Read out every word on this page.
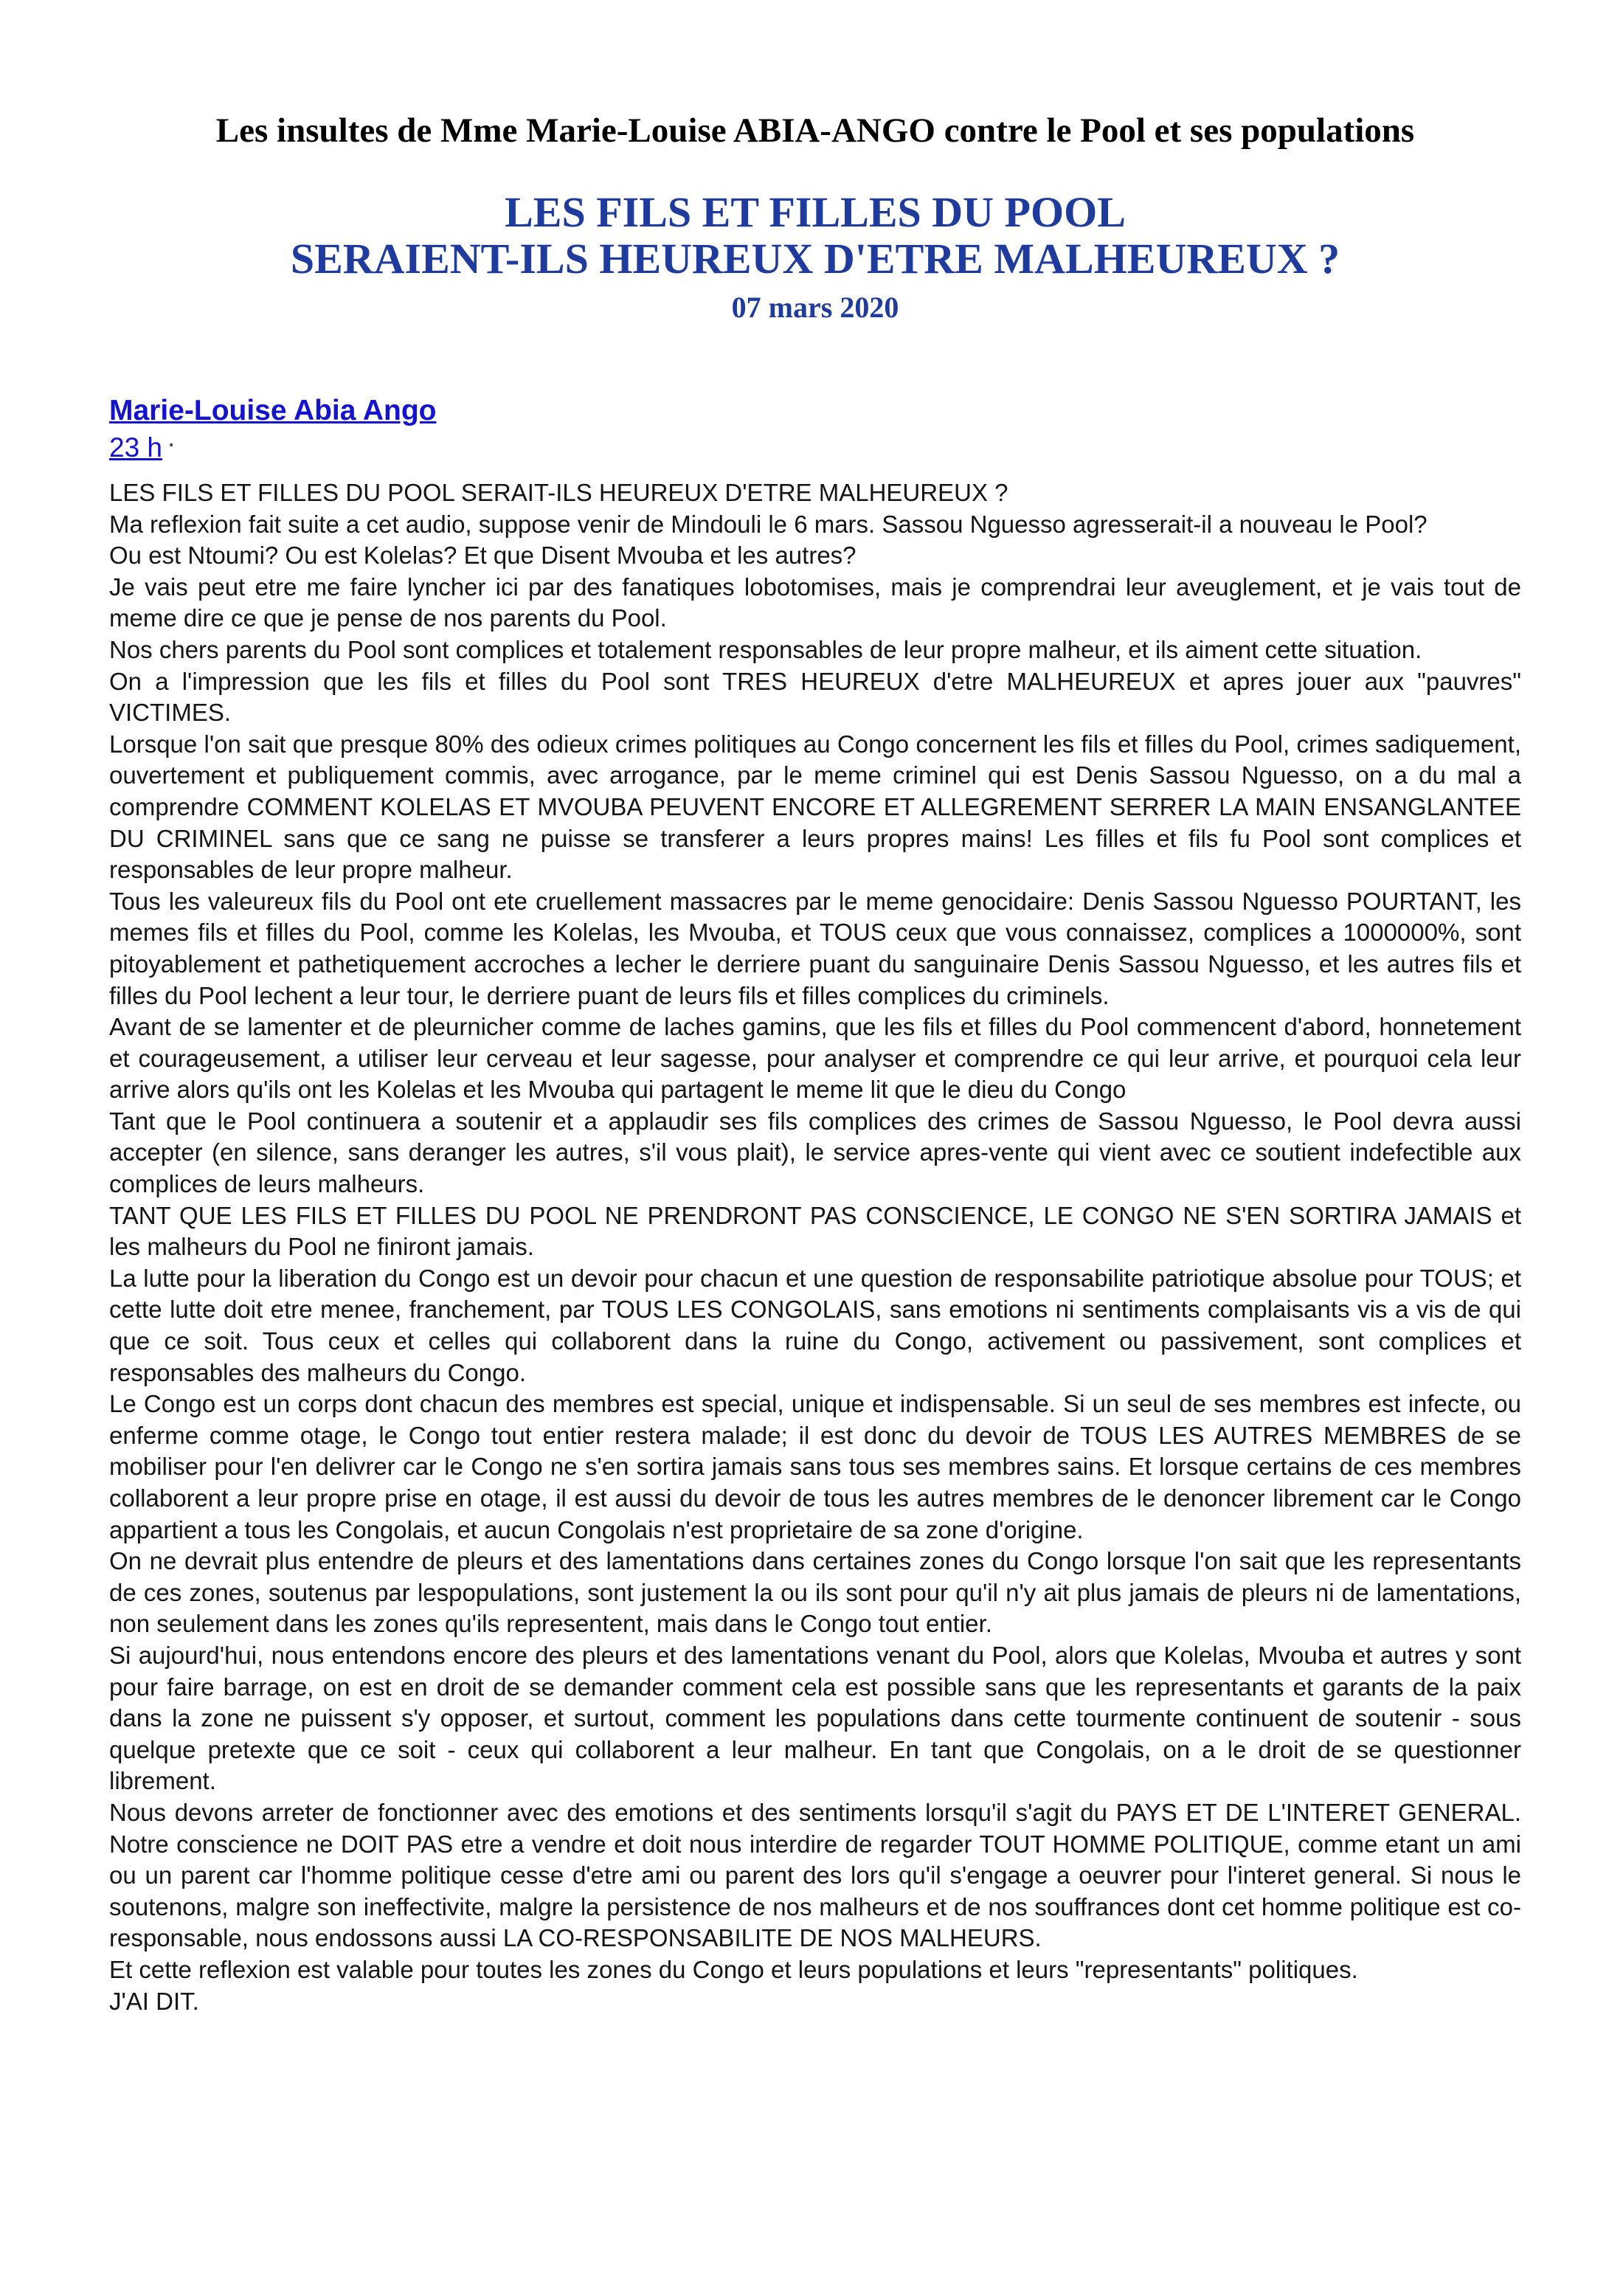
Les insultes de Mme Marie-Louise ABIA-ANGO contre le Pool et ses populations
LES FILS ET FILLES DU POOL
SERAIENT-ILS HEUREUX D'ETRE MALHEUREUX ?
07 mars 2020
Marie-Louise Abia Ango
23 h ·

LES FILS ET FILLES DU POOL SERAIT-ILS HEUREUX D'ETRE MALHEUREUX ?

Ma reflexion fait suite a cet audio, suppose venir de Mindouli le 6 mars. Sassou Nguesso agresserait-il a nouveau le Pool?

Ou est Ntoumi? Ou est Kolelas? Et que Disent Mvouba et les autres?

Je vais peut etre me faire lyncher ici par des fanatiques lobotomises, mais je comprendrai leur aveuglement, et je vais tout de meme dire ce que je pense de nos parents du Pool.

Nos chers parents du Pool sont complices et totalement responsables de leur propre malheur, et ils aiment cette situation.

On a l'impression que les fils et filles du Pool sont TRES HEUREUX d'etre MALHEUREUX et apres jouer aux "pauvres" VICTIMES.

Lorsque l'on sait que presque 80% des odieux crimes politiques au Congo concernent les fils et filles du Pool, crimes sadiquement, ouvertement et publiquement commis, avec arrogance, par le meme criminel qui est Denis Sassou Nguesso, on a du mal a comprendre COMMENT KOLELAS ET MVOUBA PEUVENT ENCORE ET ALLEGREMENT SERRER LA MAIN ENSANGLANTEE DU CRIMINEL sans que ce sang ne puisse se transferer a leurs propres mains! Les filles et fils fu Pool sont complices et responsables de leur propre malheur.

Tous les valeureux fils du Pool ont ete cruellement massacres par le meme genocidaire: Denis Sassou Nguesso POURTANT, les memes fils et filles du Pool, comme les Kolelas, les Mvouba, et TOUS ceux que vous connaissez, complices a 1000000%, sont pitoyablement et pathetiquement accroches a lecher le derriere puant du sanguinaire Denis Sassou Nguesso, et les autres fils et filles du Pool lechent a leur tour, le derriere puant de leurs fils et filles complices du criminels.

Avant de se lamenter et de pleurnicher comme de laches gamins, que les fils et filles du Pool commencent d'abord, honnetement et courageusement, a utiliser leur cerveau et leur sagesse, pour analyser et comprendre ce qui leur arrive, et pourquoi cela leur arrive alors qu'ils ont les Kolelas et les Mvouba qui partagent le meme lit que le dieu du Congo

Tant que le Pool continuera a soutenir et a applaudir ses fils complices des crimes de Sassou Nguesso, le Pool devra aussi accepter (en silence, sans deranger les autres, s'il vous plait), le service apres-vente qui vient avec ce soutient indefectible aux complices de leurs malheurs.

TANT QUE LES FILS ET FILLES DU POOL NE PRENDRONT PAS CONSCIENCE, LE CONGO NE S'EN SORTIRA JAMAIS et les malheurs du Pool ne finiront jamais.

La lutte pour la liberation du Congo est un devoir pour chacun et une question de responsabilite patriotique absolue pour TOUS; et cette lutte doit etre menee, franchement, par TOUS LES CONGOLAIS, sans emotions ni sentiments complaisants vis a vis de qui que ce soit. Tous ceux et celles qui collaborent dans la ruine du Congo, activement ou passivement, sont complices et responsables des malheurs du Congo.

Le Congo est un corps dont chacun des membres est special, unique et indispensable. Si un seul de ses membres est infecte, ou enferme comme otage, le Congo tout entier restera malade; il est donc du devoir de TOUS LES AUTRES MEMBRES de se mobiliser pour l'en delivrer car le Congo ne s'en sortira jamais sans tous ses membres sains. Et lorsque certains de ces membres collaborent a leur propre prise en otage, il est aussi du devoir de tous les autres membres de le denoncer librement car le Congo appartient a tous les Congolais, et aucun Congolais n'est proprietaire de sa zone d'origine.

On ne devrait plus entendre de pleurs et des lamentations dans certaines zones du Congo lorsque l'on sait que les representants de ces zones, soutenus par lespopulations, sont justement la ou ils sont pour qu'il n'y ait plus jamais de pleurs ni de lamentations, non seulement dans les zones qu'ils representent, mais dans le Congo tout entier.

Si aujourd'hui, nous entendons encore des pleurs et des lamentations venant du Pool, alors que Kolelas, Mvouba et autres y sont pour faire barrage, on est en droit de se demander comment cela est possible sans que les representants et garants de la paix dans la zone ne puissent s'y opposer, et surtout, comment les populations dans cette tourmente continuent de soutenir - sous quelque pretexte que ce soit - ceux qui collaborent a leur malheur. En tant que Congolais, on a le droit de se questionner librement.

Nous devons arreter de fonctionner avec des emotions et des sentiments lorsqu'il s'agit du PAYS ET DE L'INTERET GENERAL. Notre conscience ne DOIT PAS etre a vendre et doit nous interdire de regarder TOUT HOMME POLITIQUE, comme etant un ami ou un parent car l'homme politique cesse d'etre ami ou parent des lors qu'il s'engage a oeuvrer pour l'interet general. Si nous le soutenons, malgre son ineffectivite, malgre la persistence de nos malheurs et de nos souffrances dont cet homme politique est co-responsable, nous endossons aussi LA CO-RESPONSABILITE DE NOS MALHEURS.

Et cette reflexion est valable pour toutes les zones du Congo et leurs populations et leurs "representants" politiques.

J'AI DIT.
